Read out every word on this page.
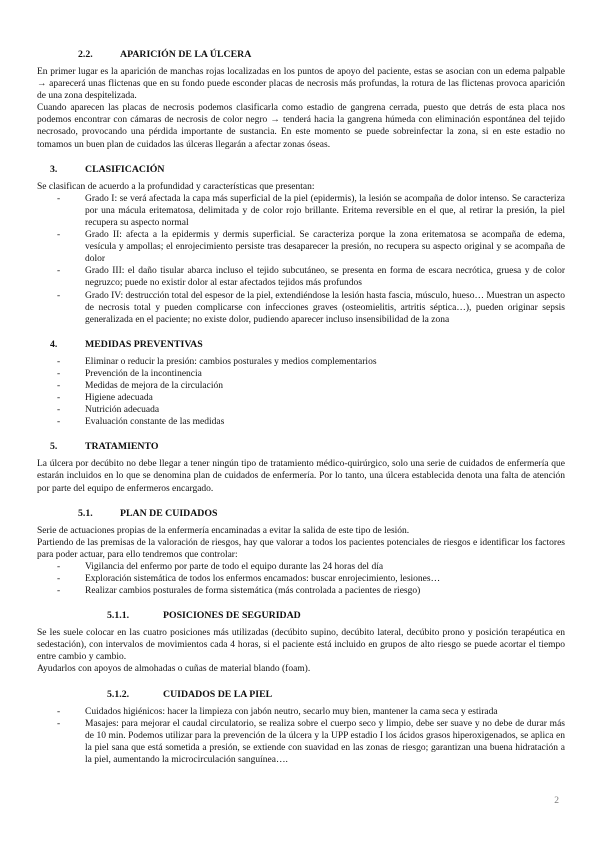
2.2.	APARICIÓN DE LA ÚLCERA

En primer lugar es la aparición de manchas rojas localizadas en los puntos de apoyo del paciente, estas se asocian con un edema palpable → aparecerá unas flictenas que en su fondo puede esconder placas de necrosis más profundas, la rotura de las flictenas provoca aparición de una zona despitelizada.

Cuando aparecen las placas de necrosis podemos clasificarla como estadio de gangrena cerrada, puesto que detrás de esta placa nos podemos encontrar con cámaras de necrosis de color negro → tenderá hacia la gangrena húmeda con eliminación espontánea del tejido necrosado, provocando una pérdida importante de sustancia. En este momento se puede sobreinfectar la zona, si en este estadio no tomamos un buen plan de cuidados las úlceras llegarán a afectar zonas óseas.

3.	CLASIFICACIÓN

Se clasifican de acuerdo a la profundidad y características que presentan:

-	Grado I: se verá afectada la capa más superficial de la piel (epidermis), la lesión se acompaña de dolor intenso. Se caracteriza por una mácula eritematosa, delimitada y de color rojo brillante. Eritema reversible en el que, al retirar la presión, la piel recupera su aspecto normal
-	Grado II: afecta a la epidermis y dermis superficial. Se caracteriza porque la zona eritematosa se acompaña de edema, vesícula y ampollas; el enrojecimiento persiste tras desaparecer la presión, no recupera su aspecto original y se acompaña de dolor
-	Grado III: el daño tisular abarca incluso el tejido subcutáneo, se presenta en forma de escara necrótica, gruesa y de color negruzco; puede no existir dolor al estar afectados tejidos más profundos
-	Grado IV: destrucción total del espesor de la piel, extendiéndose la lesión hasta fascia, músculo, hueso… Muestran un aspecto de necrosis total y pueden complicarse con infecciones graves (osteomielitis, artritis séptica…), pueden originar sepsis generalizada en el paciente; no existe dolor, pudiendo aparecer incluso insensibilidad de la zona
4.	MEDIDAS PREVENTIVAS
-	Eliminar o reducir la presión: cambios posturales y medios complementarios
-	Prevención de la incontinencia
-	Medidas de mejora de la circulación
-	Higiene adecuada
-	Nutrición adecuada
-	Evaluación constante de las medidas
5.	TRATAMIENTO

La úlcera por decúbito no debe llegar a tener ningún tipo de tratamiento médico-quirúrgico, solo una serie de cuidados de enfermería que estarán incluidos en lo que se denomina plan de cuidados de enfermería. Por lo tanto, una úlcera establecida denota una falta de atención por parte del equipo de enfermeros encargado.

5.1.	PLAN DE CUIDADOS

Serie de actuaciones propias de la enfermería encaminadas a evitar la salida de este tipo de lesión.

Partiendo de las premisas de la valoración de riesgos, hay que valorar a todos los pacientes potenciales de riesgos e identificar los factores para poder actuar, para ello tendremos que controlar:

-	Vigilancia del enfermo por parte de todo el equipo durante las 24 horas del día
-	Exploración sistemática de todos los enfermos encamados: buscar enrojecimiento, lesiones…
-	Realizar cambios posturales de forma sistemática (más controlada a pacientes de riesgo)
5.1.1.	POSICIONES DE SEGURIDAD

Se les suele colocar en las cuatro posiciones más utilizadas (decúbito supino, decúbito lateral, decúbito prono y posición terapéutica en sedestación), con intervalos de movimientos cada 4 horas, si el paciente está incluido en grupos de alto riesgo se puede acortar el tiempo entre cambio y cambio.

Ayudarlos con apoyos de almohadas o cuñas de material blando (foam).

5.1.2.	CUIDADOS DE LA PIEL
-	Cuidados higiénicos: hacer la limpieza con jabón neutro, secarlo muy bien, mantener la cama seca y estirada
-	Masajes: para mejorar el caudal circulatorio, se realiza sobre el cuerpo seco y limpio, debe ser suave y no debe de durar más de 10 min. Podemos utilizar para la prevención de la úlcera y la UPP estadio I los ácidos grasos hiperoxigenados, se aplica en la piel sana que está sometida a presión, se extiende con suavidad en las zonas de riesgo; garantizan una buena hidratación a la piel, aumentando la microcirculación sanguínea….
2
